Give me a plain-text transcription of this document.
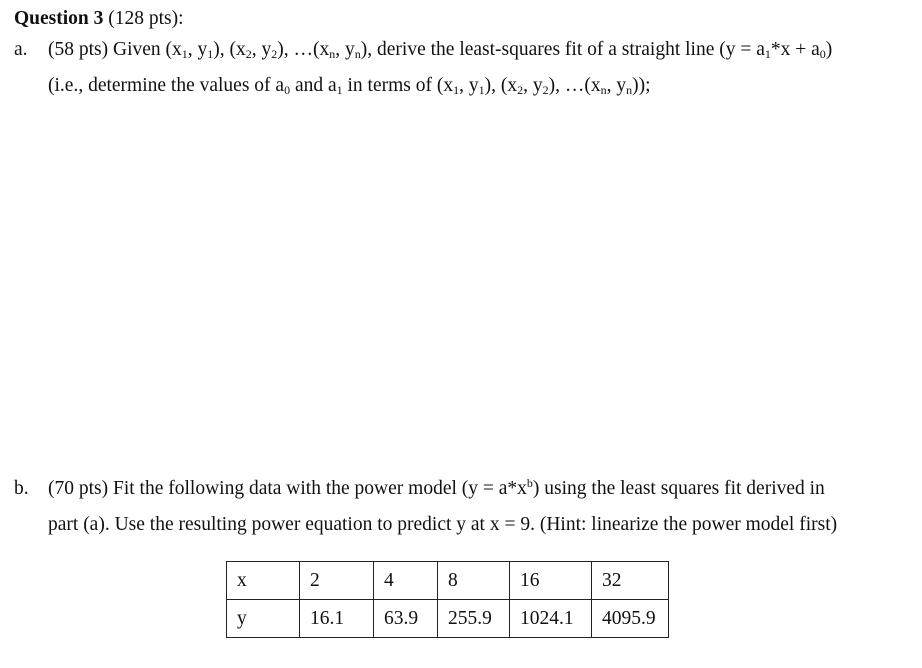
Question 3 (128 pts):
a. (58 pts) Given ($x_1$, $y_1$), ($x_2$, $y_2$), $\dots(x_n$, $y_n$), derive the least-squares fit of a straight line $(y = a_1*x + a_0)$
(i.e., determine the values of $a_0$ and $a_1$ in terms of ($x_1$, $y_1$), ($x_2$, $y_2$), $\dots(x_n$, $y_n$));
b. (70 pts) Fit the following data with the power model $(y = a*x^b)$ using the least squares fit derived in
part (a). Use the resulting power equation to predict y at x = 9. (Hint: linearize the power model first)
x	2	4	8	16	32
y	16.1	63.9	255.9	1024.1	4095.9
